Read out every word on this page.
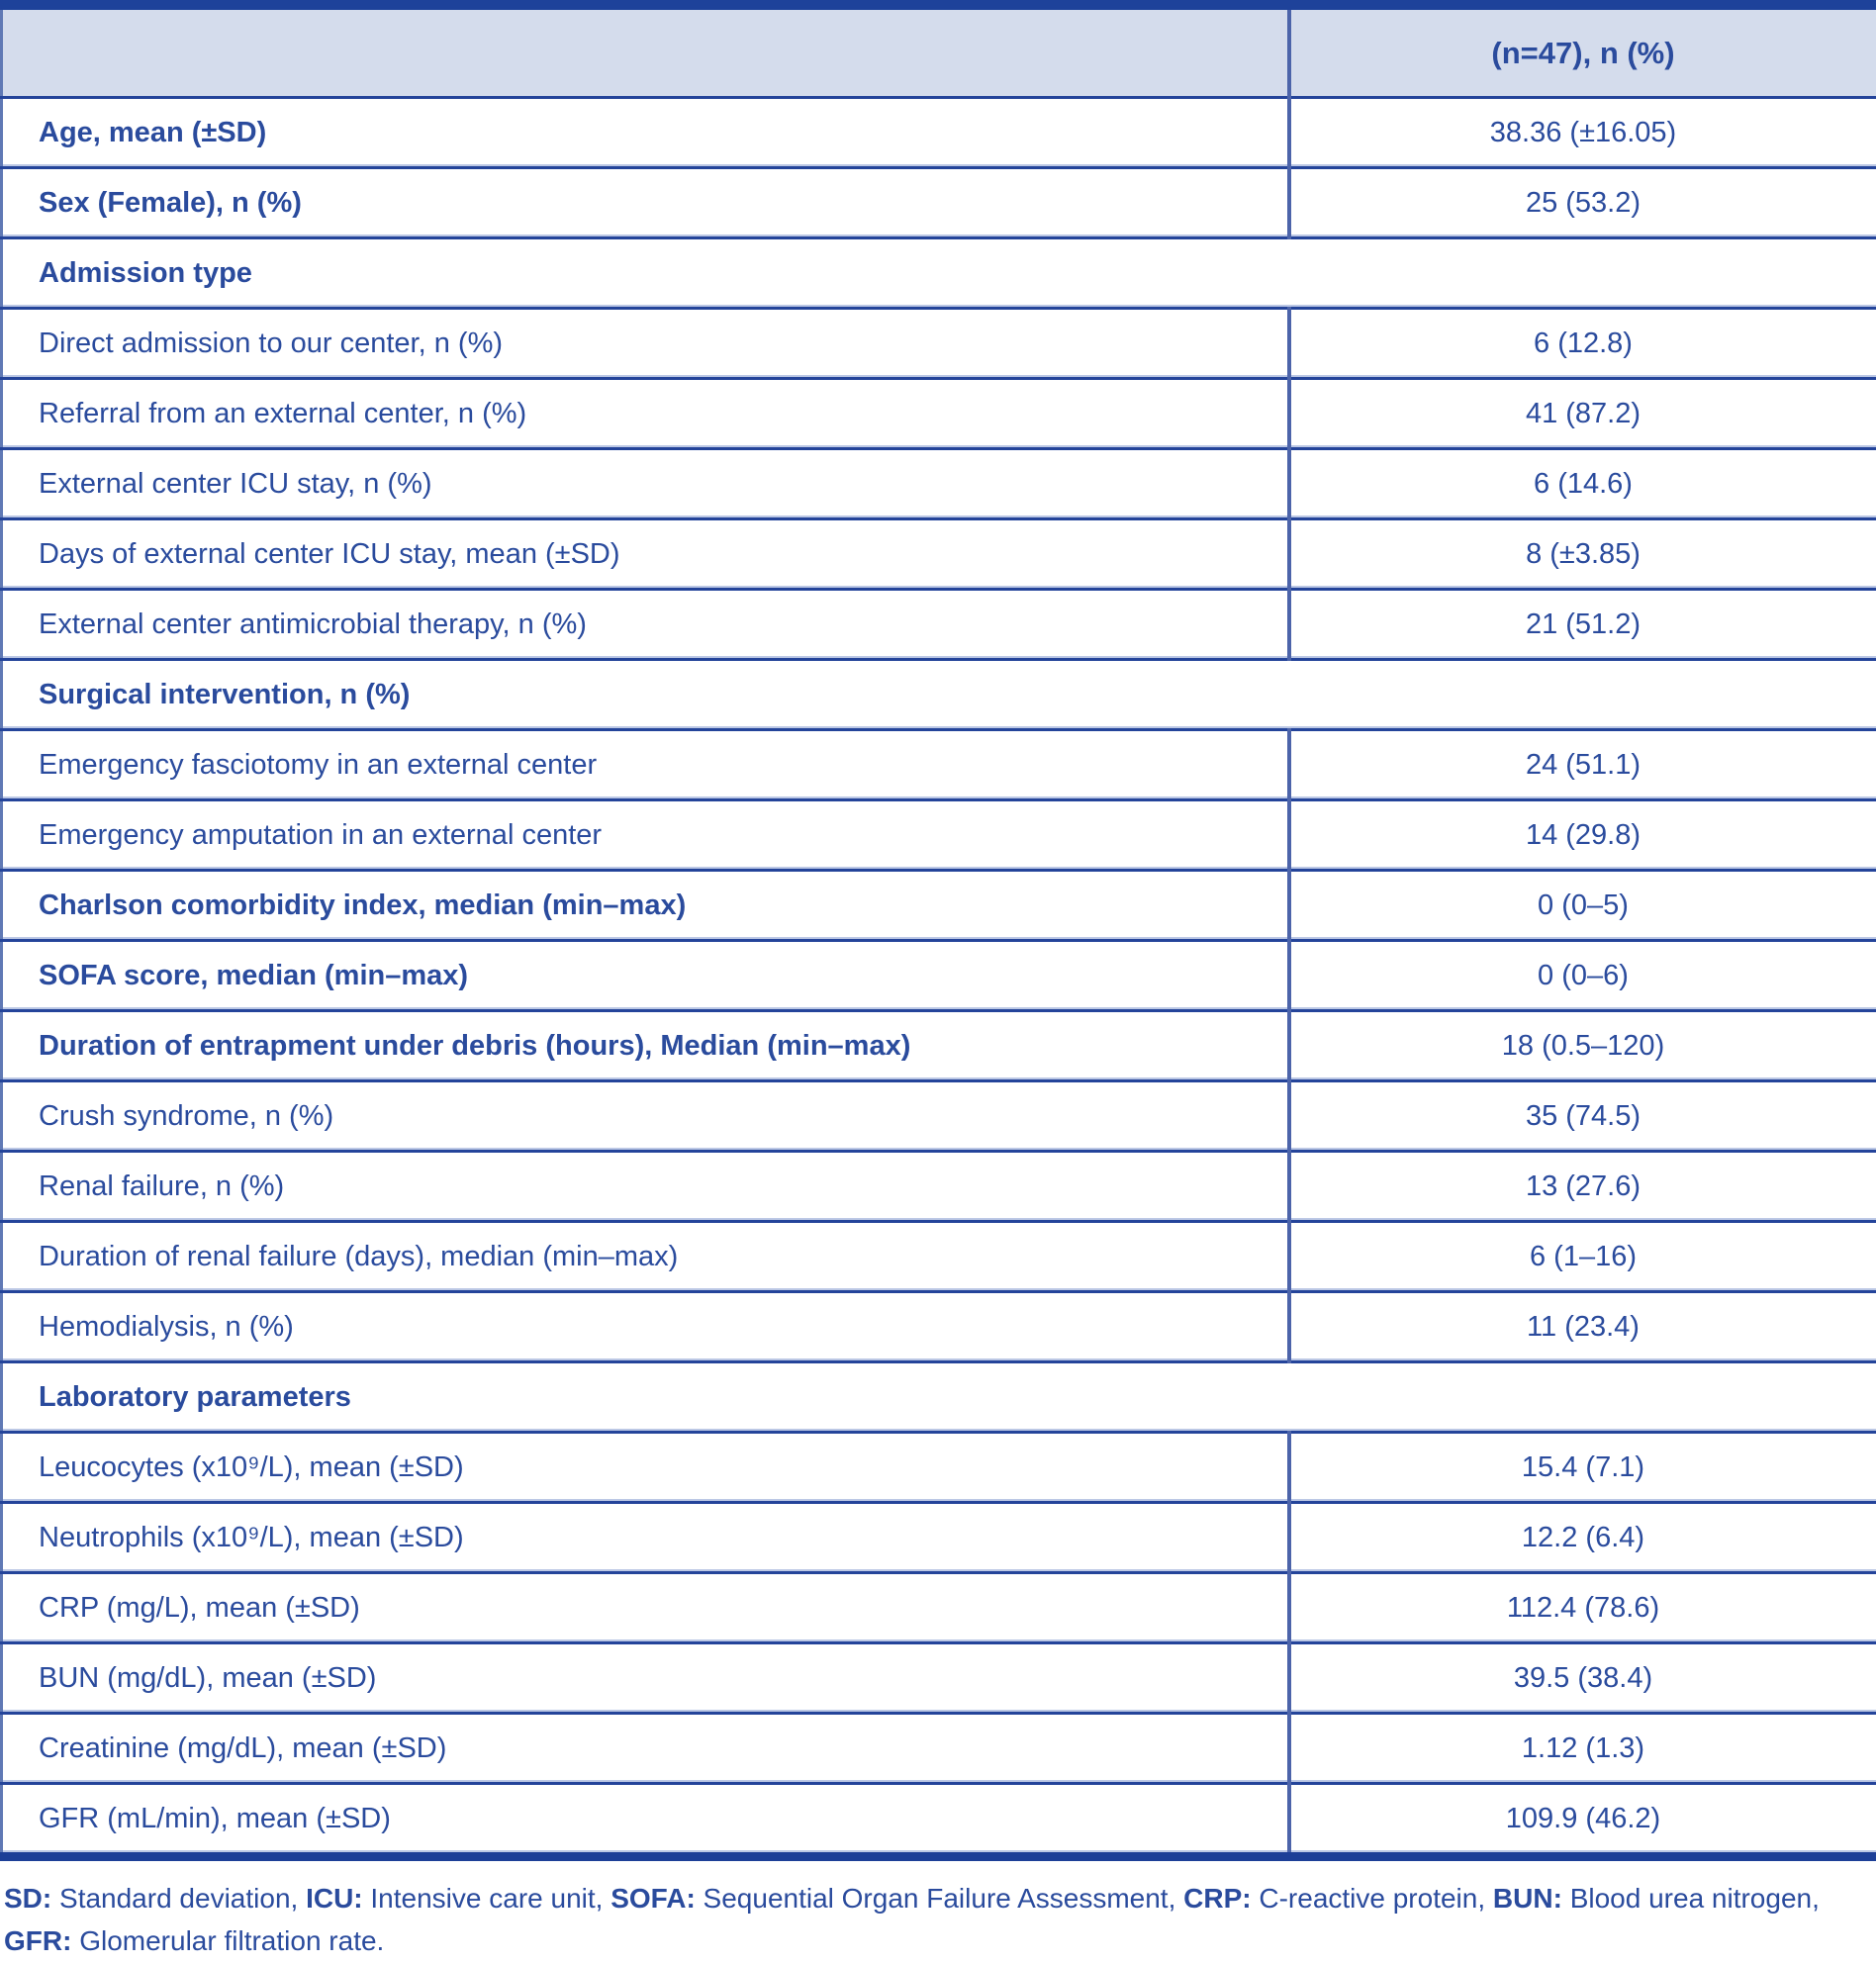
	(n=47), n (%)
Age, mean (±SD)	38.36 (±16.05)
Sex (Female), n (%)	25 (53.2)
Admission type	
Direct admission to our center, n (%)	6 (12.8)
Referral from an external center, n (%)	41 (87.2)
External center ICU stay, n (%)	6 (14.6)
Days of external center ICU stay, mean (±SD)	8 (±3.85)
External center antimicrobial therapy, n (%)	21 (51.2)
Surgical intervention, n (%)	
Emergency fasciotomy in an external center	24 (51.1)
Emergency amputation in an external center	14 (29.8)
Charlson comorbidity index, median (min–max)	0 (0–5)
SOFA score, median (min–max)	0 (0–6)
Duration of entrapment under debris (hours), Median (min–max)	18 (0.5–120)
Crush syndrome, n (%)	35 (74.5)
Renal failure, n (%)	13 (27.6)
Duration of renal failure (days), median (min–max)	6 (1–16)
Hemodialysis, n (%)	11 (23.4)
Laboratory parameters	
Leucocytes (x10⁹/L), mean (±SD)	15.4 (7.1)
Neutrophils (x10⁹/L), mean (±SD)	12.2 (6.4)
CRP (mg/L), mean (±SD)	112.4 (78.6)
BUN (mg/dL), mean (±SD)	39.5 (38.4)
Creatinine (mg/dL), mean (±SD)	1.12 (1.3)
GFR (mL/min), mean (±SD)	109.9 (46.2)
SD: Standard deviation, ICU: Intensive care unit, SOFA: Sequential Organ Failure Assessment, CRP: C-reactive protein, BUN: Blood urea nitrogen, GFR: Glomerular filtration rate.
